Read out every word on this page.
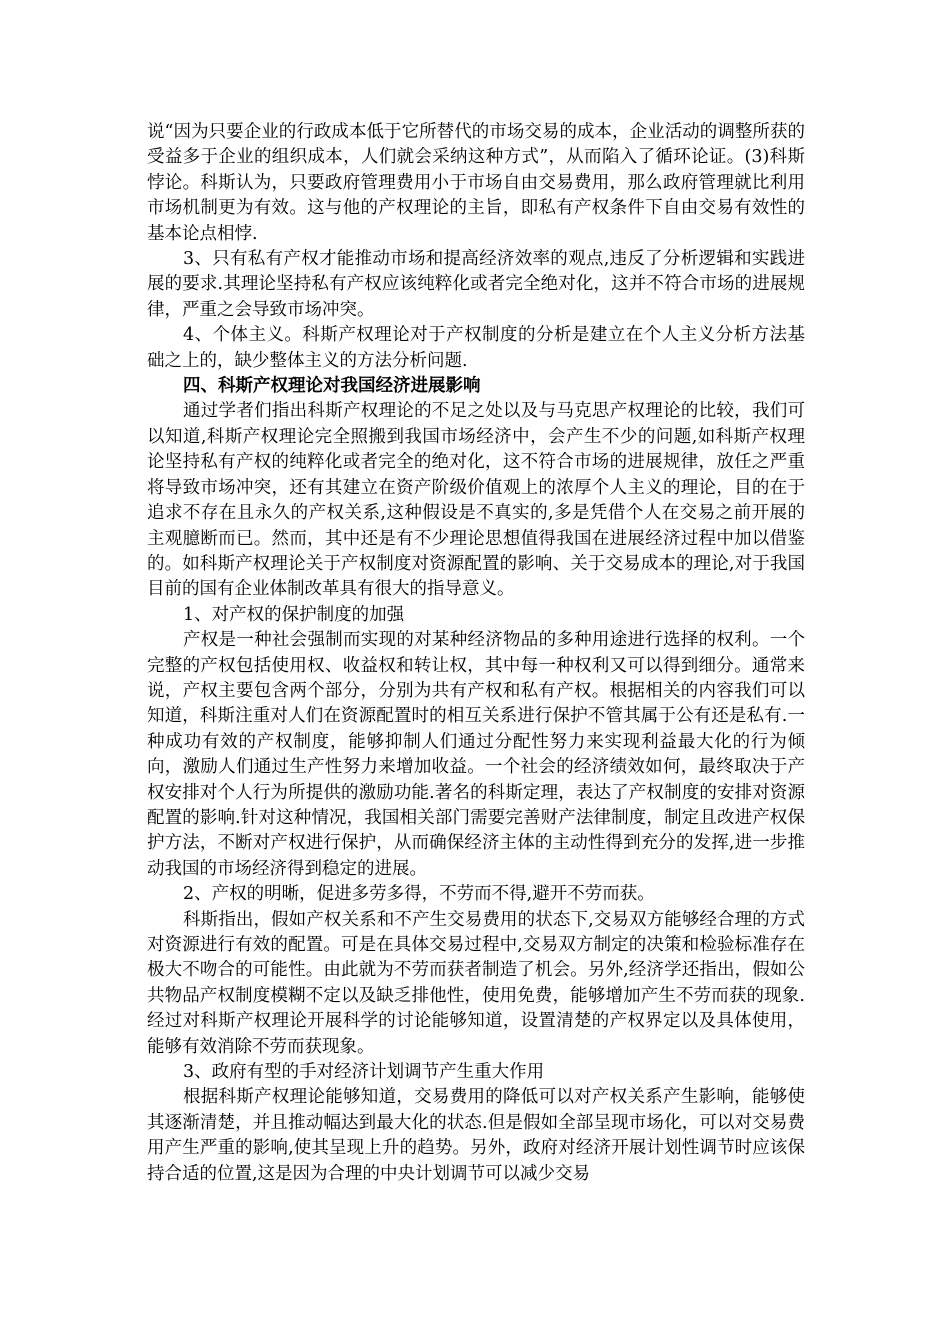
说“因为只要企业的行政成本低于它所替代的市场交易的成本，企业活动的调整所获的受益多于企业的组织成本，人们就会采纳这种方式”，从而陷入了循环论证。(3)科斯悖论。科斯认为，只要政府管理费用小于市场自由交易费用，那么政府管理就比利用市场机制更为有效。这与他的产权理论的主旨，即私有产权条件下自由交易有效性的基本论点相悖.

3、只有私有产权才能推动市场和提高经济效率的观点,违反了分析逻辑和实践进展的要求.其理论坚持私有产权应该纯粹化或者完全绝对化，这并不符合市场的进展规律，严重之会导致市场冲突。

4、个体主义。科斯产权理论对于产权制度的分析是建立在个人主义分析方法基础之上的，缺少整体主义的方法分析问题.

四、科斯产权理论对我国经济进展影响

通过学者们指出科斯产权理论的不足之处以及与马克思产权理论的比较，我们可以知道,科斯产权理论完全照搬到我国市场经济中，会产生不少的问题,如科斯产权理论坚持私有产权的纯粹化或者完全的绝对化，这不符合市场的进展规律，放任之严重将导致市场冲突，还有其建立在资产阶级价值观上的浓厚个人主义的理论，目的在于追求不存在且永久的产权关系,这种假设是不真实的,多是凭借个人在交易之前开展的主观臆断而已。然而，其中还是有不少理论思想值得我国在进展经济过程中加以借鉴的。如科斯产权理论关于产权制度对资源配置的影响、关于交易成本的理论,对于我国目前的国有企业体制改革具有很大的指导意义。

1、对产权的保护制度的加强

产权是一种社会强制而实现的对某种经济物品的多种用途进行选择的权利。一个完整的产权包括使用权、收益权和转让权，其中每一种权利又可以得到细分。通常来说，产权主要包含两个部分，分别为共有产权和私有产权。根据相关的内容我们可以知道，科斯注重对人们在资源配置时的相互关系进行保护不管其属于公有还是私有.一种成功有效的产权制度，能够抑制人们通过分配性努力来实现利益最大化的行为倾向，激励人们通过生产性努力来增加收益。一个社会的经济绩效如何，最终取决于产权安排对个人行为所提供的激励功能.著名的科斯定理，表达了产权制度的安排对资源配置的影响.针对这种情况，我国相关部门需要完善财产法律制度，制定且改进产权保护方法，不断对产权进行保护，从而确保经济主体的主动性得到充分的发挥,进一步推动我国的市场经济得到稳定的进展。

2、产权的明晰，促进多劳多得，不劳而不得,避开不劳而获。

科斯指出，假如产权关系和不产生交易费用的状态下,交易双方能够经合理的方式对资源进行有效的配置。可是在具体交易过程中,交易双方制定的决策和检验标准存在极大不吻合的可能性。由此就为不劳而获者制造了机会。另外,经济学还指出，假如公共物品产权制度模糊不定以及缺乏排他性，使用免费，能够增加产生不劳而获的现象.经过对科斯产权理论开展科学的讨论能够知道，设置清楚的产权界定以及具体使用，能够有效消除不劳而获现象。

3、政府有型的手对经济计划调节产生重大作用

根据科斯产权理论能够知道，交易费用的降低可以对产权关系产生影响，能够使其逐渐清楚，并且推动幅达到最大化的状态.但是假如全部呈现市场化，可以对交易费用产生严重的影响,使其呈现上升的趋势。另外，政府对经济开展计划性调节时应该保持合适的位置,这是因为合理的中央计划调节可以减少交易
